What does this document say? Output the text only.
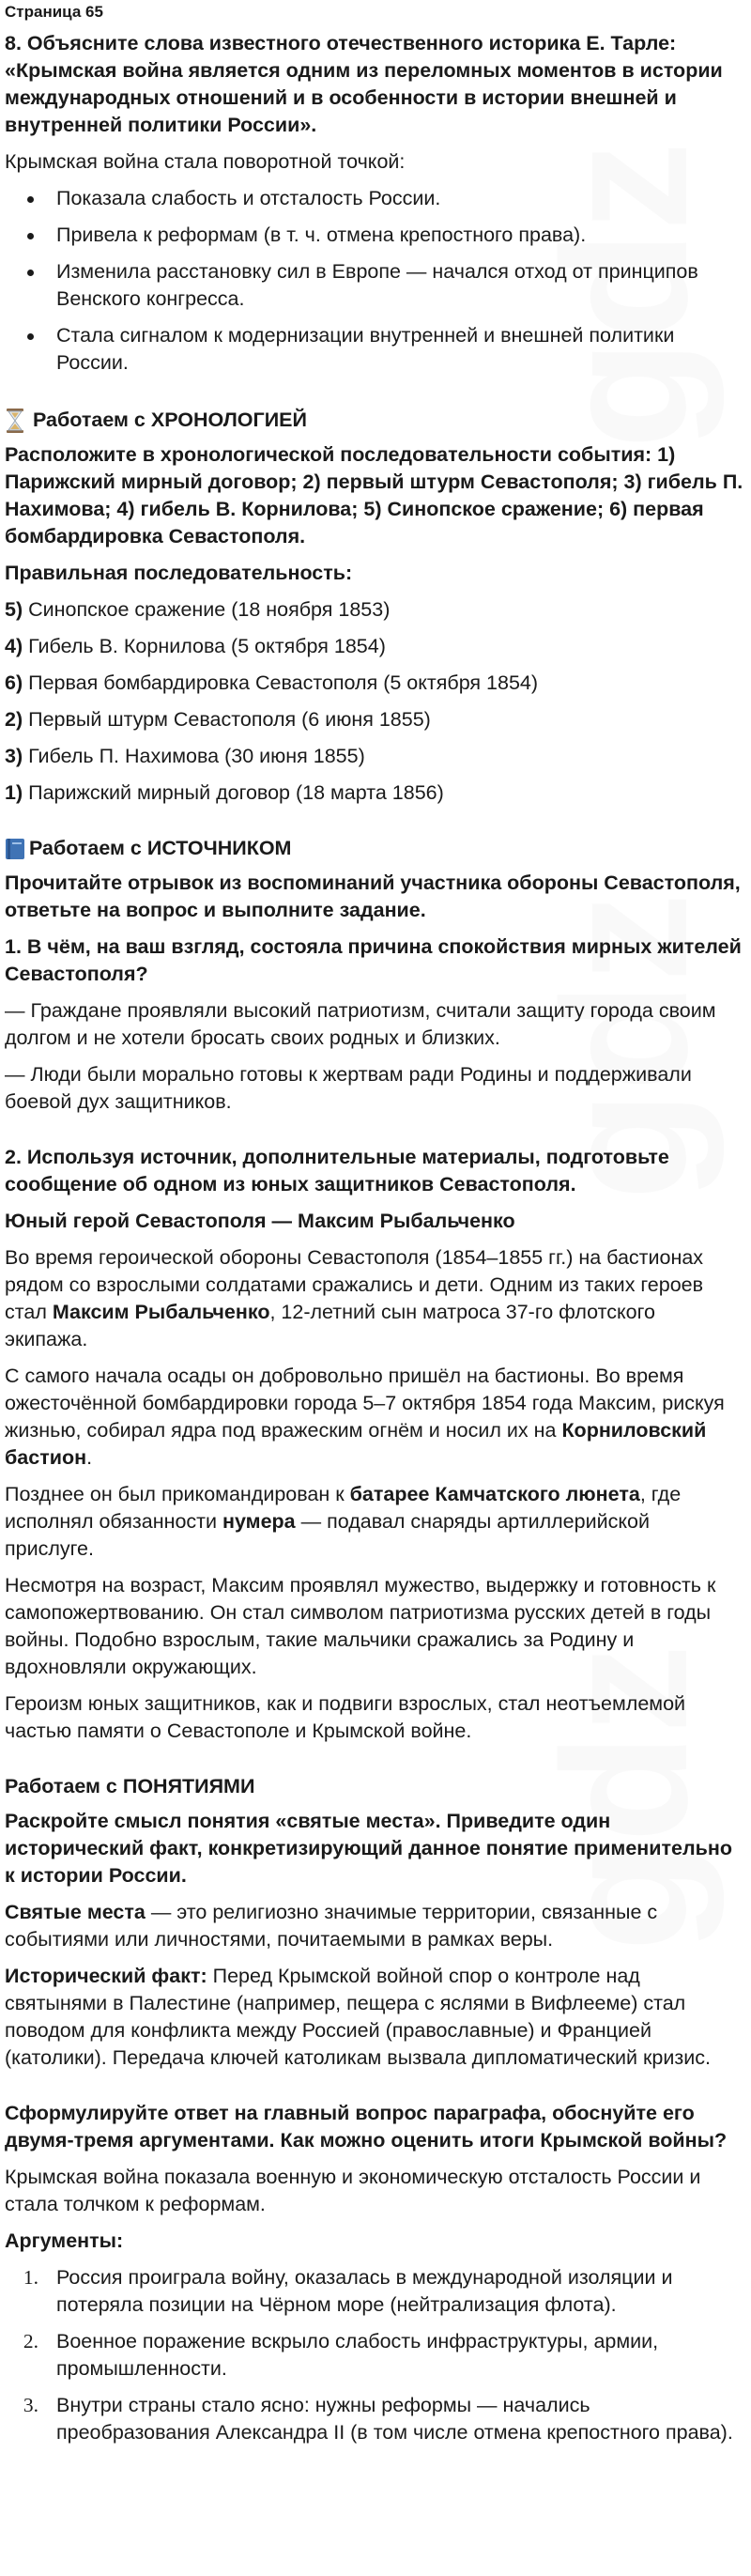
Страница 65

8. Объясните слова известного отечественного историка Е. Тарле: «Крымская война является одним из переломных моментов в истории международных отношений и в особенности в истории внешней и внутренней политики России».

Крымская война стала поворотной точкой:

Показала слабость и отсталость России.
Привела к реформам (в т. ч. отмена крепостного права).
Изменила расстановку сил в Европе — начался отход от принципов Венского конгресса.
Стала сигналом к модернизации внутренней и внешней политики России.
Работаем с ХРОНОЛОГИЕЙ

Расположите в хронологической последовательности события: 1) Парижский мирный договор; 2) первый штурм Севастополя; 3) гибель П. Нахимова; 4) гибель В. Корнилова; 5) Синопское сражение; 6) первая бомбардировка Севастополя.

Правильная последовательность:

5) Синопское сражение (18 ноября 1853)

4) Гибель В. Корнилова (5 октября 1854)

6) Первая бомбардировка Севастополя (5 октября 1854)

2) Первый штурм Севастополя (6 июня 1855)

3) Гибель П. Нахимова (30 июня 1855)

1) Парижский мирный договор (18 марта 1856)

Работаем с ИСТОЧНИКОМ

Прочитайте отрывок из воспоминаний участника обороны Севастополя, ответьте на вопрос и выполните задание.

1. В чём, на ваш взгляд, состояла причина спокойствия мирных жителей Севастополя?

— Граждане проявляли высокий патриотизм, считали защиту города своим долгом и не хотели бросать своих родных и близких.

— Люди были морально готовы к жертвам ради Родины и поддерживали боевой дух защитников.

2. Используя источник, дополнительные материалы, подготовьте сообщение об одном из юных защитников Севастополя.

Юный герой Севастополя — Максим Рыбальченко

Во время героической обороны Севастополя (1854–1855 гг.) на бастионах рядом со взрослыми солдатами сражались и дети. Одним из таких героев стал Максим Рыбальченко, 12-летний сын матроса 37-го флотского экипажа.

С самого начала осады он добровольно пришёл на бастионы. Во время ожесточённой бомбардировки города 5–7 октября 1854 года Максим, рискуя жизнью, собирал ядра под вражеским огнём и носил их на Корниловский бастион.

Позднее он был прикомандирован к батарее Камчатского люнета, где исполнял обязанности нумера — подавал снаряды артиллерийской прислуге.

Несмотря на возраст, Максим проявлял мужество, выдержку и готовность к самопожертвованию. Он стал символом патриотизма русских детей в годы войны. Подобно взрослым, такие мальчики сражались за Родину и вдохновляли окружающих.

Героизм юных защитников, как и подвиги взрослых, стал неотъемлемой частью памяти о Севастополе и Крымской войне.

Работаем с ПОНЯТИЯМИ

Раскройте смысл понятия «святые места». Приведите один исторический факт, конкретизирующий данное понятие применительно к истории России.

Святые места — это религиозно значимые территории, связанные с событиями или личностями, почитаемыми в рамках веры.

Исторический факт: Перед Крымской войной спор о контроле над святынями в Палестине (например, пещера с яслями в Вифлееме) стал поводом для конфликта между Россией (православные) и Францией (католики). Передача ключей католикам вызвала дипломатический кризис.

Сформулируйте ответ на главный вопрос параграфа, обоснуйте его двумя-тремя аргументами. Как можно оценить итоги Крымской войны?

Крымская война показала военную и экономическую отсталость России и стала толчком к реформам.

Аргументы:

1. Россия проиграла войну, оказалась в международной изоляции и потеряла позиции на Чёрном море (нейтрализация флота).
2. Военное поражение вскрыло слабость инфраструктуры, армии, промышленности.
3. Внутри страны стало ясно: нужны реформы — начались преобразования Александра II (в том числе отмена крепостного права).
